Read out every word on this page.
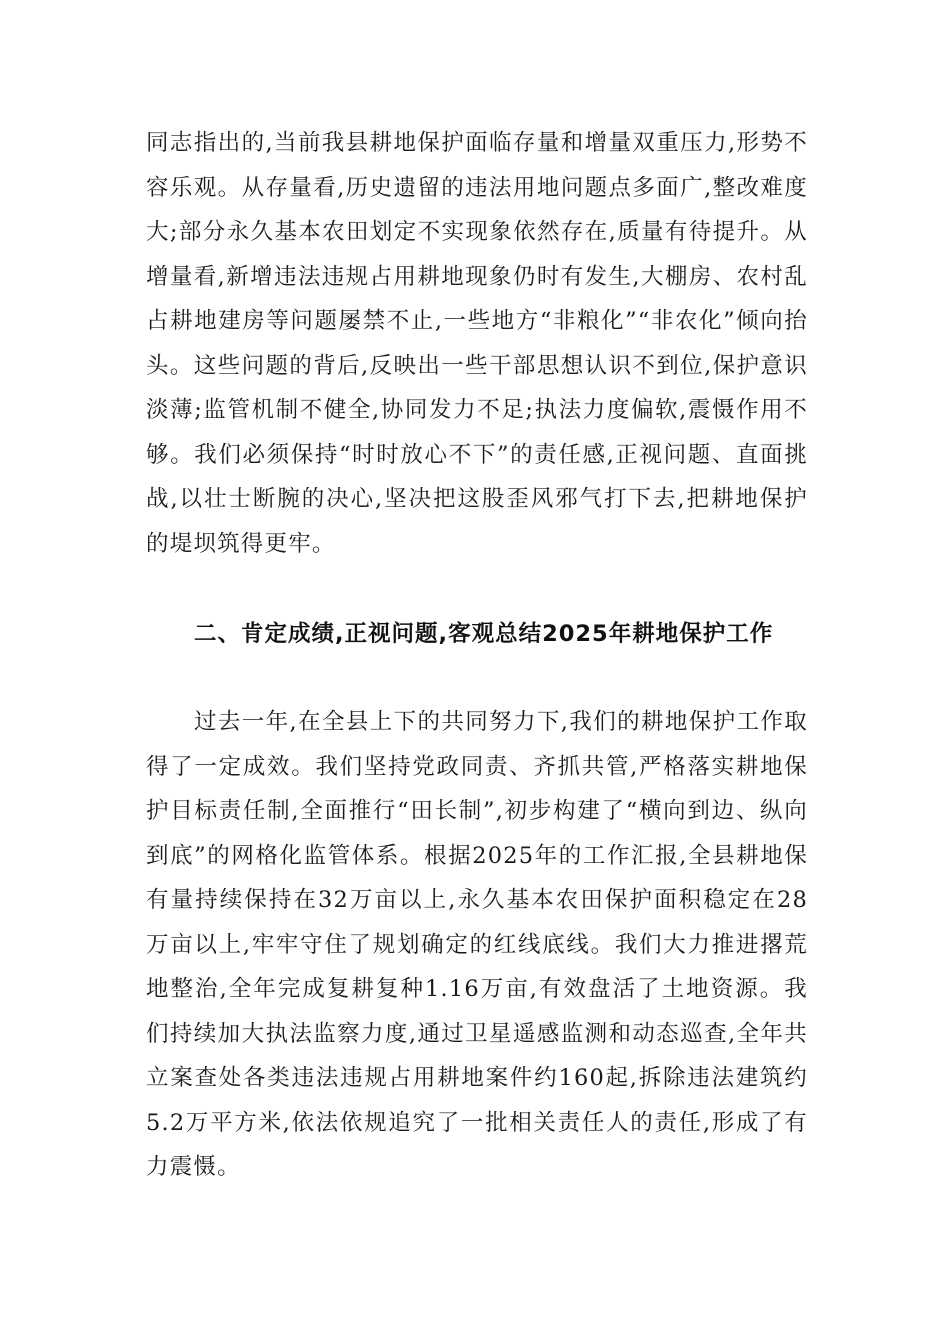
同志指出的,当前我县耕地保护面临存量和增量双重压力,形势不容乐观。从存量看,历史遗留的违法用地问题点多面广,整改难度大;部分永久基本农田划定不实现象依然存在,质量有待提升。从增量看,新增违法违规占用耕地现象仍时有发生,大棚房、农村乱占耕地建房等问题屡禁不止,一些地方“非粮化”“非农化”倾向抬头。这些问题的背后,反映出一些干部思想认识不到位,保护意识淡薄;监管机制不健全,协同发力不足;执法力度偏软,震慑作用不够。我们必须保持“时时放心不下”的责任感,正视问题、直面挑战,以壮士断腕的决心,坚决把这股歪风邪气打下去,把耕地保护的堤坝筑得更牢。

二、肯定成绩,正视问题,客观总结2025年耕地保护工作

过去一年,在全县上下的共同努力下,我们的耕地保护工作取得了一定成效。我们坚持党政同责、齐抓共管,严格落实耕地保护目标责任制,全面推行“田长制”,初步构建了“横向到边、纵向到底”的网格化监管体系。根据2025年的工作汇报,全县耕地保有量持续保持在32万亩以上,永久基本农田保护面积稳定在28万亩以上,牢牢守住了规划确定的红线底线。我们大力推进撂荒地整治,全年完成复耕复种1.16万亩,有效盘活了土地资源。我们持续加大执法监察力度,通过卫星遥感监测和动态巡查,全年共立案查处各类违法违规占用耕地案件约160起,拆除违法建筑约5.2万平方米,依法依规追究了一批相关责任人的责任,形成了有力震慑。
